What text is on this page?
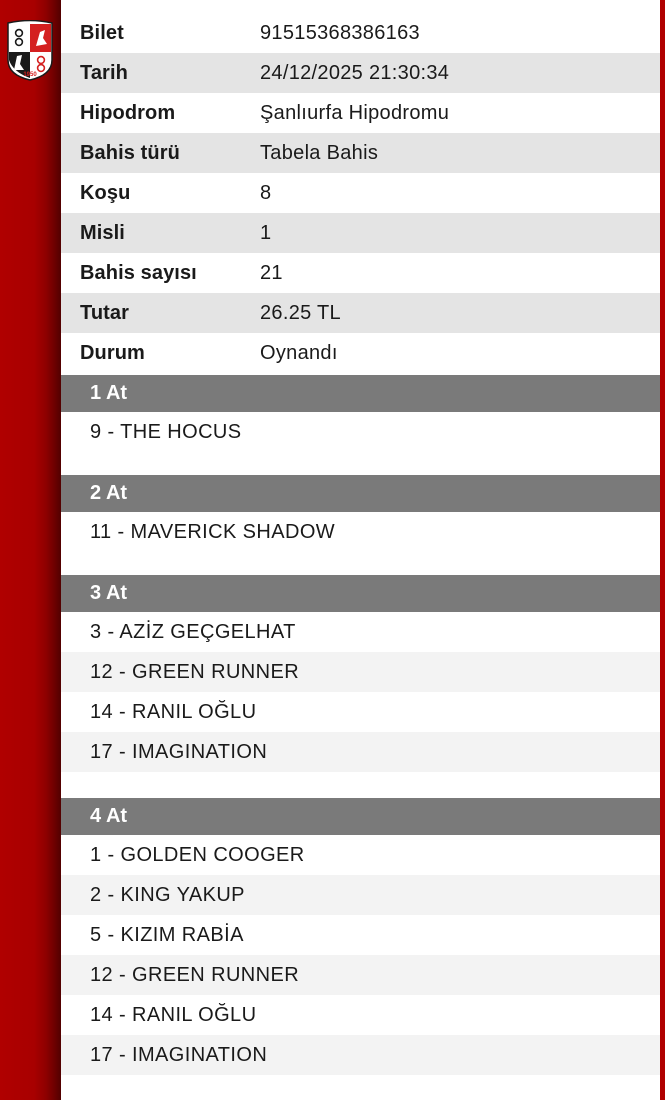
1950
Bilet	91515368386163
Tarih	24/12/2025 21:30:34
Hipodrom	Şanlıurfa Hipodromu
Bahis türü	Tabela Bahis
Koşu	8
Misli	1
Bahis sayısı	21
Tutar	26.25 TL
Durum	Oynandı
1 At
9 - THE HOCUS
2 At
11 - MAVERICK SHADOW
3 At
3 - AZİZ GEÇGELHAT
12 - GREEN RUNNER
14 - RANIL OĞLU
17 - IMAGINATION
4 At
1 - GOLDEN COOGER
2 - KING YAKUP
5 - KIZIM RABİA
12 - GREEN RUNNER
14 - RANIL OĞLU
17 - IMAGINATION
